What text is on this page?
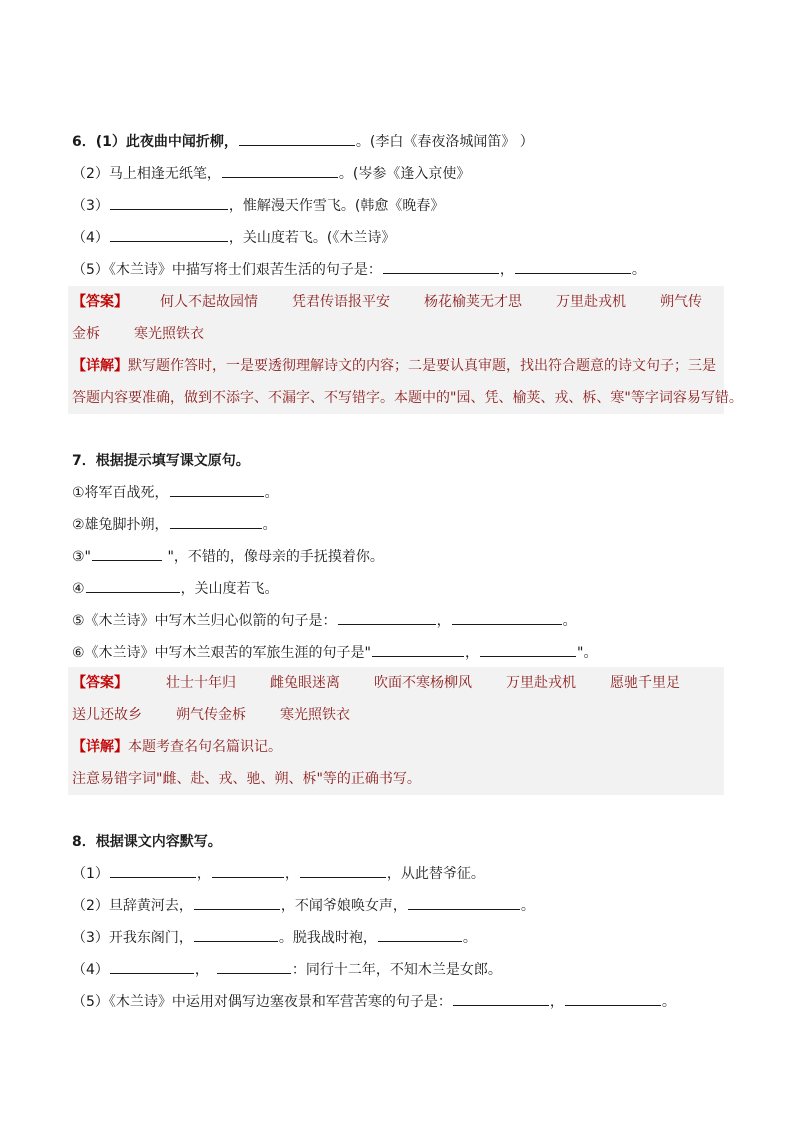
6．(1）此夜曲中闻折柳，	。(李白《春夜洛城闻笛》 ）
（2）马上相逢无纸笔，	。(岑参《逢入京使》
（3）	，惟解漫天作雪飞。(韩愈《晚春》
（4）	，关山度若飞。(《木兰诗》
（5）《木兰诗》中描写将士们艰苦生活的句子是：	，	。
【答案】 何人不起故园情 凭君传语报平安 杨花榆荚无才思 万里赴戎机 朔气传
金柝 寒光照铁衣
【详解】默写题作答时，一是要透彻理解诗文的内容；二是要认真审题，找出符合题意的诗文句子；三是
答题内容要准确，做到不添字、不漏字、不写错字。本题中的"园、凭、榆荚、戎、柝、寒"等字词容易写错。
7．根据提示填写课文原句。
①将军百战死，	。
②雄兔脚扑朔，	。
③"	"，不错的，像母亲的手抚摸着你。
④	，关山度若飞。
⑤《木兰诗》中写木兰归心似箭的句子是：	，	。
⑥《木兰诗》中写木兰艰苦的军旅生涯的句子是"	，	"。
【答案】	壮士十年归 雌兔眼迷离 吹面不寒杨柳风 万里赴戎机 愿驰千里足
送儿还故乡 朔气传金柝 寒光照铁衣
【详解】本题考查名句名篇识记。
注意易错字词"雌、赴、戎、驰、朔、柝"等的正确书写。
8．根据课文内容默写。
（1）	，	，	，从此替爷征。
（2）旦辞黄河去，	，不闻爷娘唤女声，	。
（3）开我东阁门，	。脱我战时袍，	。
（4）	，	：同行十二年，不知木兰是女郎。
（5）《木兰诗》中运用对偶写边塞夜景和军营苦寒的句子是：	，	。
